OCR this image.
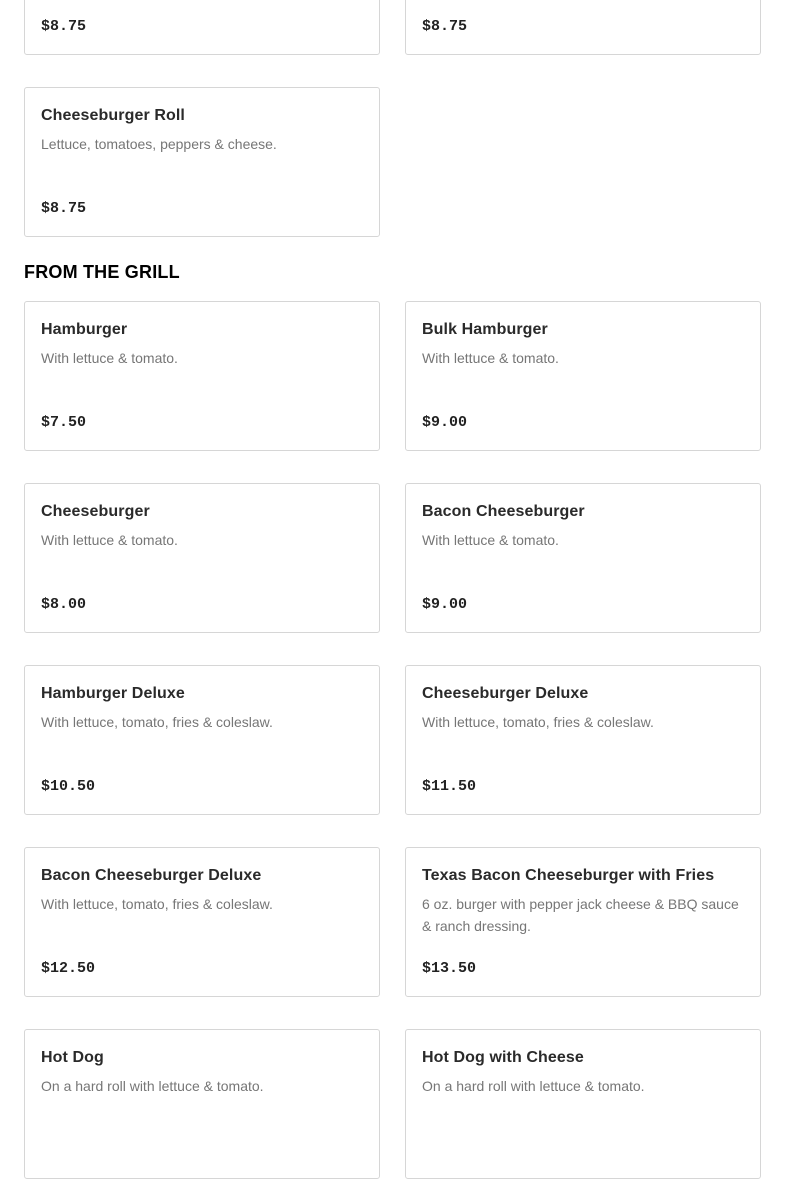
FROM THE GRILL
$8.75	$8.75
Cheeseburger Roll
Lettuce, tomatoes, peppers & cheese.
$8.75
Hamburger
With lettuce & tomato.
$7.50
Bulk Hamburger
With lettuce & tomato.
$9.00
Cheeseburger
With lettuce & tomato.
$8.00
Bacon Cheeseburger
With lettuce & tomato.
$9.00
Hamburger Deluxe
With lettuce, tomato, fries & coleslaw.
$10.50
Cheeseburger Deluxe
With lettuce, tomato, fries & coleslaw.
$11.50
Bacon Cheeseburger Deluxe
With lettuce, tomato, fries & coleslaw.
$12.50
Texas Bacon Cheeseburger with Fries
6 oz. burger with pepper jack cheese & BBQ sauce & ranch dressing.
$13.50
Hot Dog
On a hard roll with lettuce & tomato.
Hot Dog with Cheese
On a hard roll with lettuce & tomato.
